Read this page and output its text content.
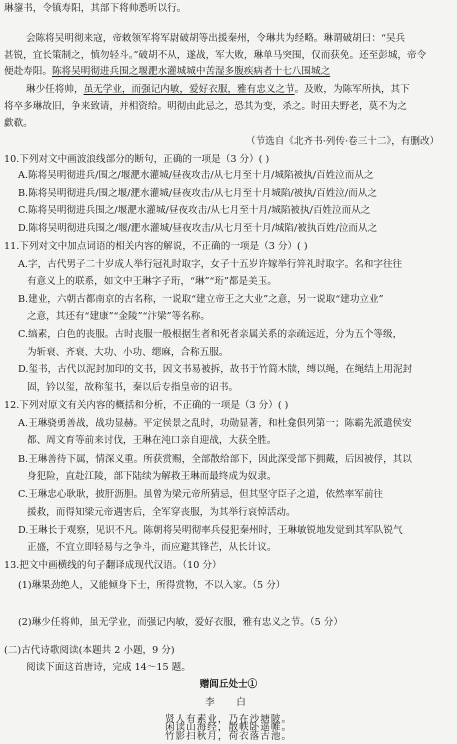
琳鋆书，令镇寿阳，其部下将帅悉听以行。

会陈将吴明彻来寇，帝敕领军将军尉破胡等出援秦州，令琳共为经略。琳谓破胡曰：“吴兵

甚锐，宜长策制之，慎勿轻斗。”破胡不从，遂战，军大败，琳单马突围，仅而获免。还至彭城，帝令

便赴寿阳。陈将吴明彻进兵围之堰淝水灌城城中苦湿多腹疾病者十七八围城之

琳少任将帅，虽无学业，而强记内敏，爱好衣服，雅有忠义之节。及败，为陈军所执，其下

将卒多琳故旧，争来致请，并相资给。明彻由此忌之，恐其为变，杀之。时田夫野老，莫不为之

歔欷。

（节选自《北齐书·列传·卷三十二》，有删改）

10.下列对文中画波浪线部分的断句，正确的一项是（3 分）( )

A.陈将吴明彻进兵/围之/堰淝水灌城/昼夜攻击/从七月至十月/城陷被执/百姓泣而从之

B.陈将吴明彻进兵/围之堰/淝水灌城/昼夜攻击/从七月至十月城陷/被执/百姓泣/而从之

C.陈将吴明彻进兵围之/堰淝水灌城/昼夜攻击/从七月至十月/城陷被执/百姓泣而从之

D.陈将吴明彻进兵围之/堰/淝水灌城/昼夜攻击/从七月至十月/城陷/被执百姓/泣而从之

11.下列对文中加点词语的相关内容的解说，不正确的一项是（3 分）( )

A.字，古代男子二十岁成人举行冠礼时取字，女子十五岁许嫁举行笄礼时取字。名和字往往

有意义上的联系，如文中王琳字子珩，“琳”“珩”都是美玉。

B.建业，六朝古都南京的古名称，一说取“建立帝王之大业”之意，另一说取“建功立业”

之意，其还有“建康”“金陵”“汴梁”等名称。

C.缟素，白色的丧服。古时丧服一般根据生者和死者亲属关系的亲疏远近，分为五个等级，

为斩衰、齐衰、大功、小功、缌麻，合称五服。

D.玺书，古代以泥封加印的文书，因文书易被拆，故书于竹简木牍，缚以绳，在绳结上用泥封

固，钤以玺，故称玺书，秦以后专指皇帝的诏书。

12.下列对原文有关内容的概括和分析，不正确的一项是（3 分）( )

A.王琳骁勇善战，战功显赫。平定侯景之乱时，功勋显著，和杜龛俱列第一；陈霸先派遣侯安

都、周文育等前来讨伐，王琳在沌口亲自迎战，大获全胜。

B.王琳善待下属，情深义重。所获赏赐，全部散给部下，因此深受部下拥戴，后因被俘，其以

身犯险，直赴江陵，部下陆续为解救王琳而最终成为奴隶。

C.王琳忠心耿耿，披肝沥胆。虽曾为梁元帝所猜忌，但其坚守臣子之道，依然率军前往

援救，而得知梁元帝遇害后，全军穿丧服，为其举行哀悼活动。

D.王琳长于观察，见识不凡。陈朝将吴明彻率兵侵犯秦州时，王琳敏锐地发觉到其军队锐气

正盛，不宜立即轻易与之争斗，而应避其锋芒，从长计议。

13.把文中画横线的句子翻译成现代汉语。（10 分）

(1)琳果劲绝人，又能倾身下士，所得赏物，不以入家。（5 分）

(2)琳少任将帅，虽无学业，而强记内敏，爱好衣服，雅有忠义之节。（5 分）

(二)古代诗歌阅读(本题共 2 小题，9 分)

阅读下面这首唐诗，完成 14～15 题。

赠闾丘处士①

李　白

贤人有素业，乃在沙塘陂。

竹影扫秋月，荷衣落古池。

闲读山海经，散帙卧遥帷。
